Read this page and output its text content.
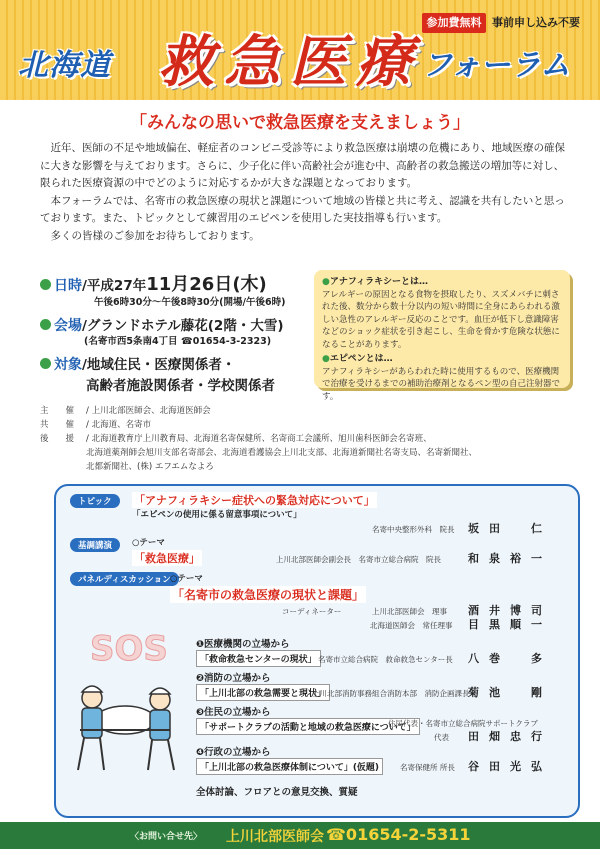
参加費無料 事前申し込み不要
北海道 救急医療 フォーラム
「みんなの思いで救急医療を支えましょう」

近年、医師の不足や地域偏在、軽症者のコンビニ受診等により救急医療は崩壊の危機にあり、地域医療の確保に大きな影響を与えております。さらに、少子化に伴い高齢社会が進む中、高齢者の救急搬送の増加等に対し、限られた医療資源の中でどのように対応するかが大きな課題となっております。

本フォーラムでは、名寄市の救急医療の現状と課題について地域の皆様と共に考え、認識を共有したいと思っております。また、トピックとして練習用のエピペンを使用した実技指導も行います。

多くの皆様のご参加をお待ちしております。

日時 /平成27年 11月26日(木)
午後6時30分～午後8時30分(開場/午後6時)
会場 /グランドホテル藤花(2階・大雪)
(名寄市西5条南4丁目 ☎01654-3-2323)
対象 /地域住民・医療関係者・
高齢者施設関係者・学校関係者
● アナフィラキシーとは…

アレルギーの原因となる食物を摂取したり、スズメバチに刺された後、数分から数十分以内の短い時間に全身にあらわれる激しい急性のアレルギー反応のことです。血圧が低下し意識障害などのショック症状を引き起こし、生命を脅かす危険な状態になることがあります。

● エピペンとは…

アナフィラキシーがあらわれた時に使用するもので、医療機関で治療を受けるまでの補助治療剤となるペン型の自己注射器です。

主　　催	/ 上川北部医師会、北海道医師会
共　　催	/ 北海道、名寄市
後　　援	/ 北海道教育庁上川教育局、北海道名寄保健所、名寄商工会議所、旭川歯科医師会名寄班、
北海道薬剤師会旭川支部名寄部会、北海道看護協会上川北支部、北海道新聞社名寄支局、名寄新聞社、
北都新聞社、(株) エフエムなよろ
トピック	「アナフィラキシー症状への緊急対応について」
「エピペンの使用に係る留意事項について」
名寄中央整形外科　院長 坂田　仁
基調講演	○テーマ
「救急医療」	上川北部医師会副会長　名寄市立総合病院　院長 和泉裕一
パネルディスカッション ○テーマ
「名寄市の救急医療の現状と課題」
コーディネーター	上川北部医師会　理事 酒井博司
北海道医師会　常任理事 目黒順一
❶医療機関の立場から
「救命救急センターの現状」 名寄市立総合病院　救命救急センター長 八巻　多
❷消防の立場から
「上川北部の救急需要と現状」
上川北部消防事務組合消防本部　消防企画課長
菊池　剛
❸住民の立場から
「サポートクラブの活動と地域の救急医療について」
住民代表・名寄市立総合病院サポートクラブ
代表 田畑忠行
❹行政の立場から
「上川北部の救急医療体制について」(仮題)	名寄保健所 所長 谷田光弘
全体討論、フロアとの意見交換、質疑
SOS
〈お問い合せ先〉 上川北部医師会 ☎01654-2-5311
